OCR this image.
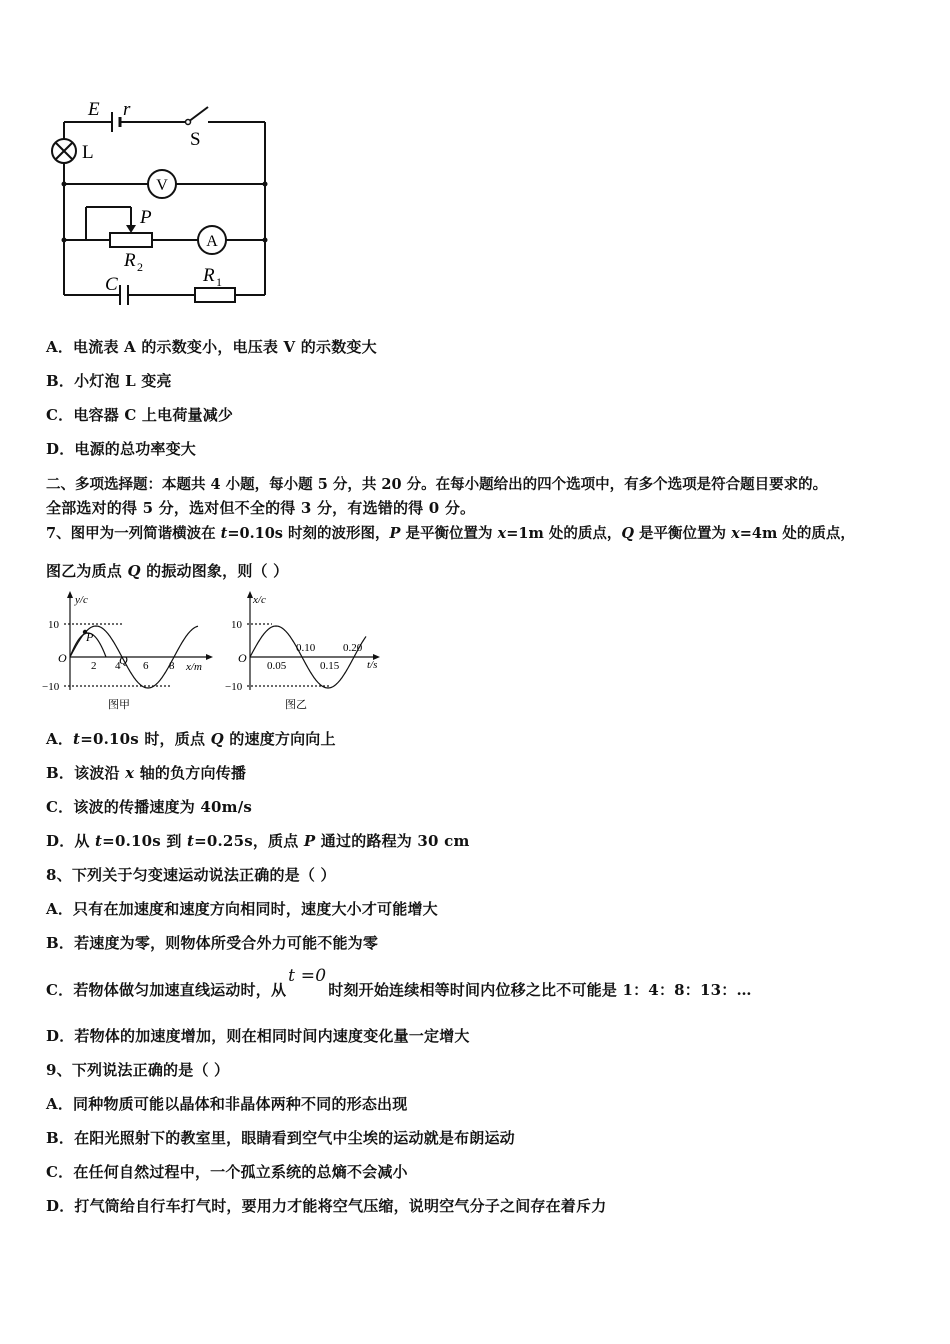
E r
S
L
V
A
P
R 2	R 1
C
A．电流表 A 的示数变小，电压表 V 的示数变大
B．小灯泡 L 变亮
C．电容器 C 上电荷量减少
D．电源的总功率变大
二、多项选择题：本题共 4 小题，每小题 5 分，共 20 分。在每小题给出的四个选项中，有多个选项是符合题目要求的。
全部选对的得 5 分，选对但不全的得 3 分，有选错的得 0 分。
7、图甲为一列简谐横波在 t=0.10s 时刻的波形图，P 是平衡位置为 x=1m 处的质点，Q 是平衡位置为 x=4m 处的质点，
图乙为质点 Q 的振动图象，则（ ）
y/c
x/m
O
10
−10
2 4 6 8
P
Q
图甲
x/c
t/s
O
10
−10
0.05
0.10
0.15
0.20
图乙
A．t=0.10s 时，质点 Q 的速度方向向上
B．该波沿 x 轴的负方向传播
C．该波的传播速度为 40m/s
D．从 t=0.10s 到 t=0.25s，质点 P 通过的路程为 30 cm
8、下列关于匀变速运动说法正确的是（ ）
A．只有在加速度和速度方向相同时，速度大小才可能增大
B．若速度为零，则物体所受合外力可能不能为零
C．若物体做匀加速直线运动时，从t =0时刻开始连续相等时间内位移之比不可能是 1：4：8：13：…
D．若物体的加速度增加，则在相同时间内速度变化量一定增大
9、下列说法正确的是（ ）
A．同种物质可能以晶体和非晶体两种不同的形态出现
B．在阳光照射下的教室里，眼睛看到空气中尘埃的运动就是布朗运动
C．在任何自然过程中，一个孤立系统的总熵不会减小
D．打气筒给自行车打气时，要用力才能将空气压缩，说明空气分子之间存在着斥力
